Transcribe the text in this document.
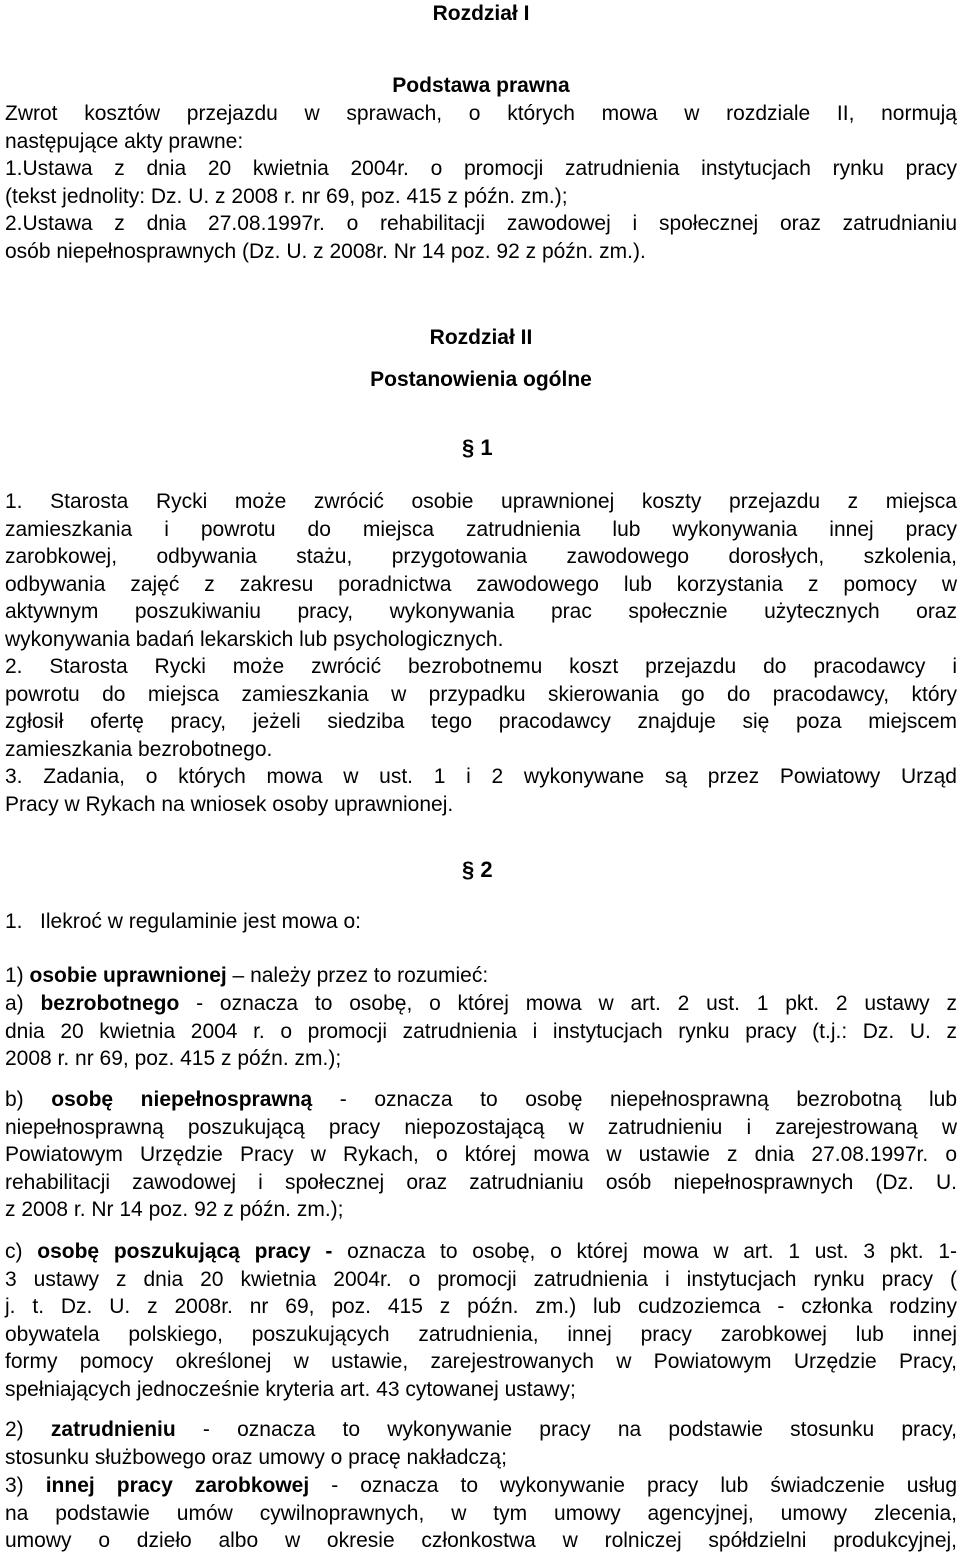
Rozdział I
Podstawa prawna
Zwrot kosztów przejazdu w sprawach, o których mowa w rozdziale II, normują
następujące akty prawne:
1.Ustawa z dnia 20 kwietnia 2004r. o promocji zatrudnienia instytucjach rynku pracy
(tekst jednolity: Dz. U. z 2008 r. nr 69, poz. 415 z późn. zm.);
2.Ustawa z dnia 27.08.1997r. o rehabilitacji zawodowej i społecznej oraz zatrudnianiu
osób niepełnosprawnych (Dz. U. z 2008r. Nr 14 poz. 92 z późn. zm.).
Rozdział II
Postanowienia ogólne
§ 1
1. Starosta Rycki może zwrócić osobie uprawnionej koszty przejazdu z miejsca
zamieszkania i powrotu do miejsca zatrudnienia lub wykonywania innej pracy
zarobkowej, odbywania stażu, przygotowania zawodowego dorosłych, szkolenia,
odbywania zajęć z zakresu poradnictwa zawodowego lub korzystania z pomocy w
aktywnym poszukiwaniu pracy, wykonywania prac społecznie użytecznych oraz
wykonywania badań lekarskich lub psychologicznych.
2. Starosta Rycki może zwrócić bezrobotnemu koszt przejazdu do pracodawcy i
powrotu do miejsca zamieszkania w przypadku skierowania go do pracodawcy, który
zgłosił ofertę pracy, jeżeli siedziba tego pracodawcy znajduje się poza miejscem
zamieszkania bezrobotnego.
3. Zadania, o których mowa w ust. 1 i 2 wykonywane są przez Powiatowy Urząd
Pracy w Rykach na wniosek osoby uprawnionej.
§ 2
1.   Ilekroć w regulaminie jest mowa o:
1) osobie uprawnionej – należy przez to rozumieć:
a) bezrobotnego - oznacza to osobę, o której mowa w art. 2 ust. 1 pkt. 2 ustawy z
dnia 20 kwietnia 2004 r. o promocji zatrudnienia i instytucjach rynku pracy (t.j.: Dz. U. z
2008 r. nr 69, poz. 415 z późn. zm.);
b) osobę niepełnosprawną - oznacza to osobę niepełnosprawną bezrobotną lub
niepełnosprawną poszukującą pracy niepozostającą w zatrudnieniu i zarejestrowaną w
Powiatowym Urzędzie Pracy w Rykach, o której mowa w ustawie z dnia 27.08.1997r. o
rehabilitacji zawodowej i społecznej oraz zatrudnianiu osób niepełnosprawnych (Dz. U.
z 2008 r. Nr 14 poz. 92 z późn. zm.);
c) osobę poszukującą pracy - oznacza to osobę, o której mowa w art. 1 ust. 3 pkt. 1-
3 ustawy z dnia 20 kwietnia 2004r. o promocji zatrudnienia i instytucjach rynku pracy (
j. t. Dz. U. z 2008r. nr 69, poz. 415 z późn. zm.) lub cudzoziemca - członka rodziny
obywatela polskiego, poszukujących zatrudnienia, innej pracy zarobkowej lub innej
formy pomocy określonej w ustawie, zarejestrowanych w Powiatowym Urzędzie Pracy,
spełniających jednocześnie kryteria art. 43 cytowanej ustawy;
2) zatrudnieniu - oznacza to wykonywanie pracy na podstawie stosunku pracy,
stosunku służbowego oraz umowy o pracę nakładczą;
3) innej pracy zarobkowej - oznacza to wykonywanie pracy lub świadczenie usług
na podstawie umów cywilnoprawnych, w tym umowy agencyjnej, umowy zlecenia,
umowy o dzieło albo w okresie członkostwa w rolniczej spółdzielni produkcyjnej,
